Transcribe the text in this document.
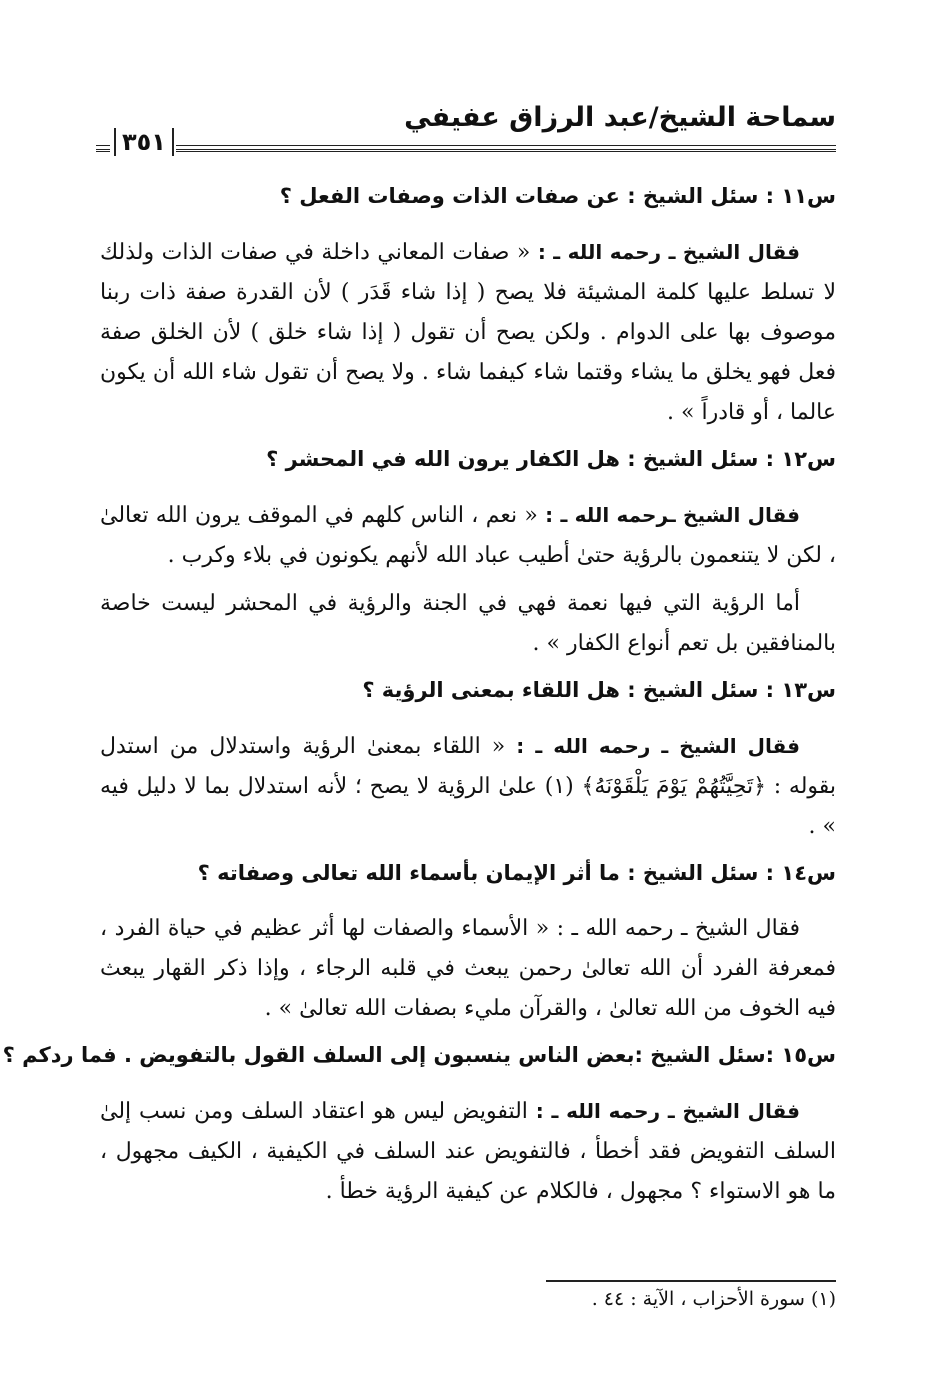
سماحة الشيخ/عبد الرزاق عفيفي
٣٥١
س١١ : سئل الشيخ : عن صفات الذات وصفات الفعل ؟

فقال الشيخ ـ رحمه الله ـ : « صفات المعاني داخلة في صفات الذات ولذلك لا تسلط عليها كلمة المشيئة فلا يصح ( إذا شاء قَدَر ) لأن القدرة صفة ذات ربنا موصوف بها على الدوام . ولكن يصح أن تقول ( إذا شاء خلق ) لأن الخلق صفة فعل فهو يخلق ما يشاء وقتما شاء كيفما شاء . ولا يصح أن تقول شاء الله أن يكون عالما ، أو قادراً » .

س١٢ : سئل الشيخ : هل الكفار يرون الله في المحشر ؟

فقال الشيخ ـرحمه الله ـ : « نعم ، الناس كلهم في الموقف يرون الله تعالىٰ ، لكن لا يتنعمون بالرؤية حتىٰ أطيب عباد الله لأنهم يكونون في بلاء وكرب .

أما الرؤية التي فيها نعمة فهي في الجنة والرؤية في المحشر ليست خاصة بالمنافقين بل تعم أنواع الكفار » .

س١٣ : سئل الشيخ : هل اللقاء بمعنى الرؤية ؟

فقال الشيخ ـ رحمه الله ـ : « اللقاء بمعنىٰ الرؤية واستدلال من استدل بقوله : ﴿تَحِيَّتُهُمْ يَوْمَ يَلْقَوْنَهُ﴾ (١) علىٰ الرؤية لا يصح ؛ لأنه استدلال بما لا دليل فيه » .

س١٤ : سئل الشيخ : ما أثر الإيمان بأسماء الله تعالى وصفاته ؟

فقال الشيخ ـ رحمه الله ـ : « الأسماء والصفات لها أثر عظيم في حياة الفرد ، فمعرفة الفرد أن الله تعالىٰ رحمن يبعث في قلبه الرجاء ، وإذا ذكر القهار يبعث فيه الخوف من الله تعالىٰ ، والقرآن مليء بصفات الله تعالىٰ » .

س١٥ :سئل الشيخ :بعض الناس ينسبون إلى السلف القول بالتفويض . فما ردكم ؟

فقال الشيخ ـ رحمه الله ـ : التفويض ليس هو اعتقاد السلف ومن نسب إلىٰ السلف التفويض فقد أخطأ ، فالتفويض عند السلف في الكيفية ، الكيف مجهول ، ما هو الاستواء ؟ مجهول ، فالكلام عن كيفية الرؤية خطأ .

(١) سورة الأحزاب ، الآية : ٤٤ .
